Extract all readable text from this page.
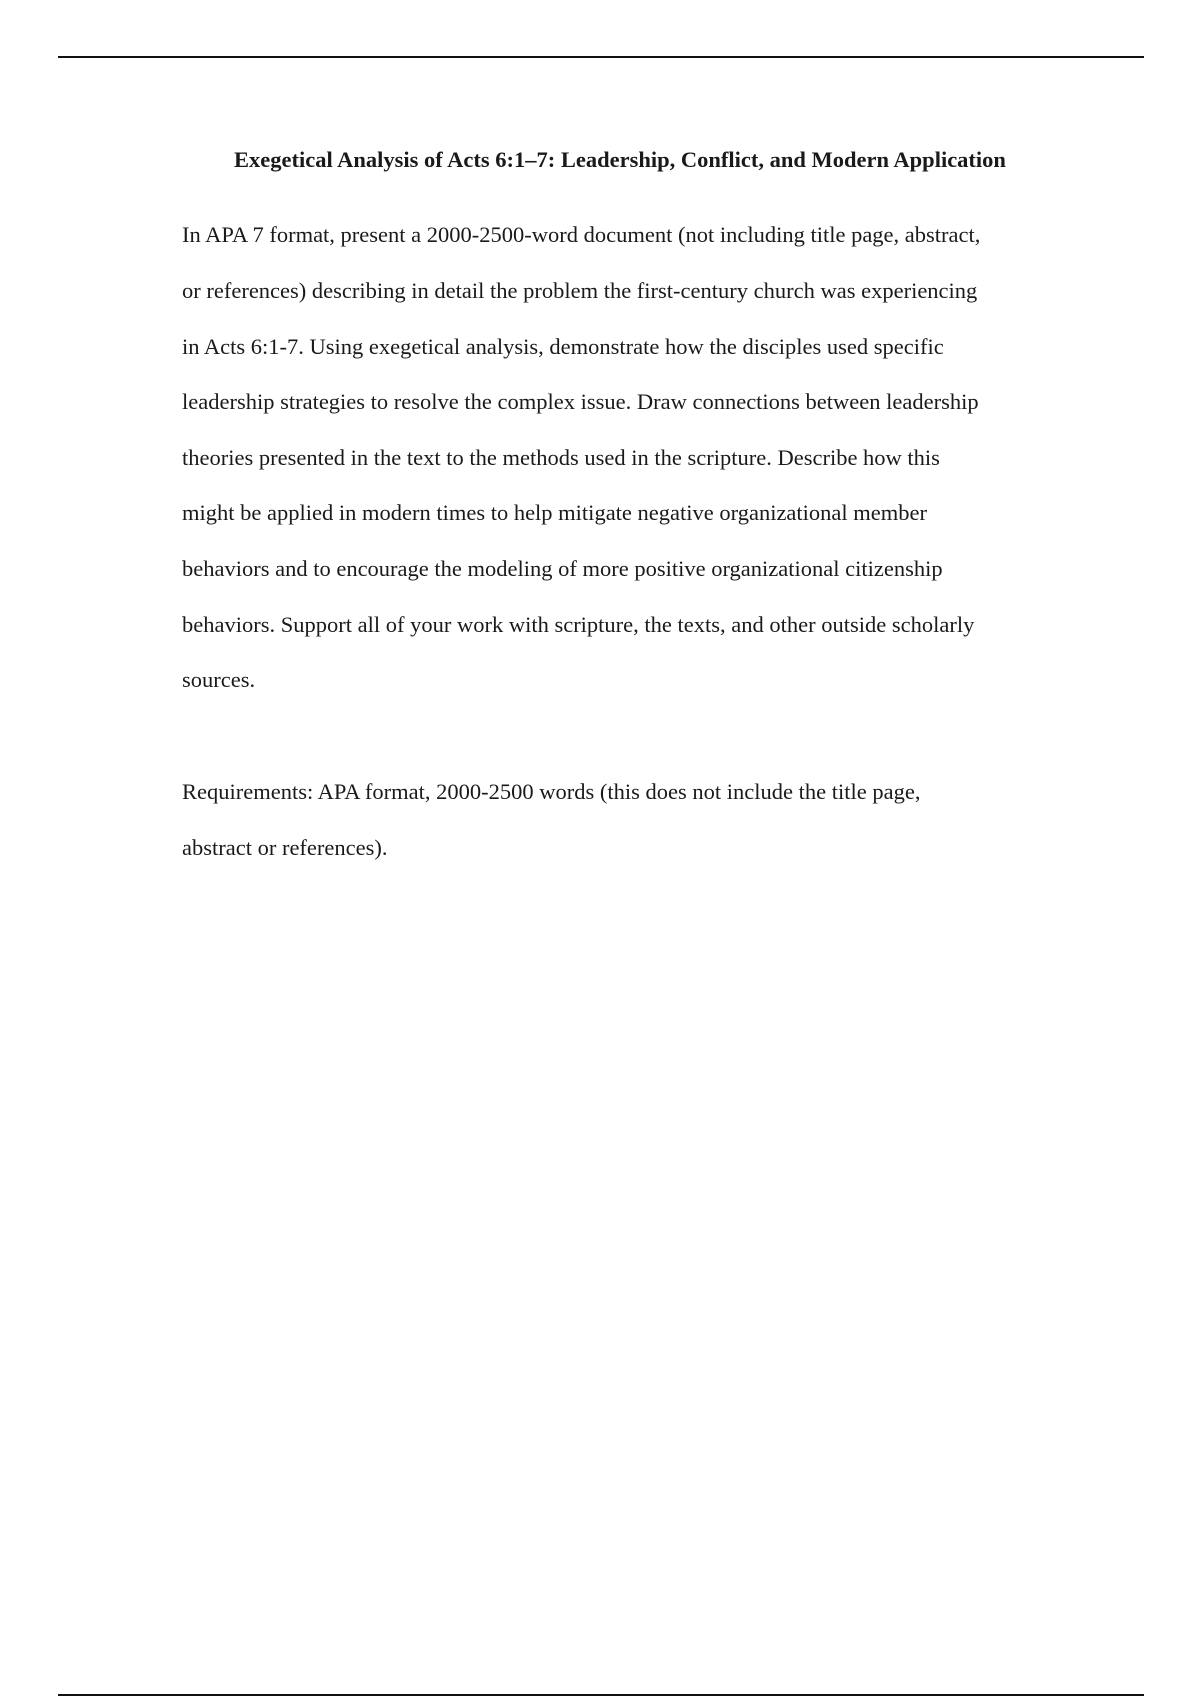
Exegetical Analysis of Acts 6:1–7: Leadership, Conflict, and Modern Application

In APA 7 format, present a 2000-2500-word document (not including title page, abstract,

or references) describing in detail the problem the first-century church was experiencing

in Acts 6:1-7. Using exegetical analysis, demonstrate how the disciples used specific

leadership strategies to resolve the complex issue. Draw connections between leadership

theories presented in the text to the methods used in the scripture. Describe how this

might be applied in modern times to help mitigate negative organizational member

behaviors and to encourage the modeling of more positive organizational citizenship

behaviors. Support all of your work with scripture, the texts, and other outside scholarly

sources.

Requirements: APA format, 2000-2500 words (this does not include the title page,

abstract or references).
